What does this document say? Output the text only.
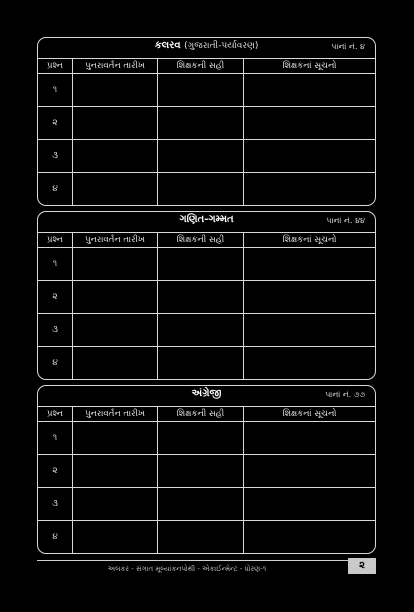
કલરવ (ગુજરાતી-પર્યાવરણ)	પાનાં નં. ૪
પ્રશ્ન	પુનરાવર્તન તારીખ	શિક્ષકની સહી	શિક્ષકનાં સૂચનો
૧			
૨			
૩			
૪			
ગણિત-ગમ્મત	પાનાં નં. ૪૪
પ્રશ્ન	પુનરાવર્તન તારીખ	શિક્ષકની સહી	શિક્ષકનાં સૂચનો
૧			
૨			
૩			
૪			
અંગ્રેજી	પાનાં નં. ૭૭
પ્રશ્ન	પુનરાવર્તન તારીખ	શિક્ષકની સહી	શિક્ષકનાં સૂચનો
૧			
૨			
૩			
૪			
અલકર - સંગાત મૂલ્યાંકનપોથી - એકાઈન્મેન્ટ - ધોરણ-૧	૨
